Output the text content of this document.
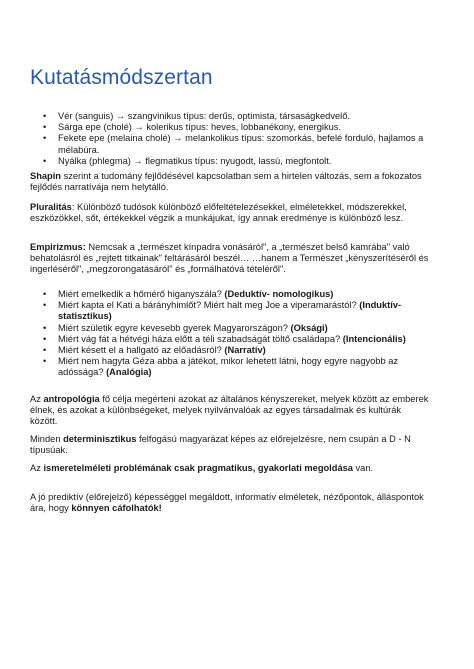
Kutatásmódszertan
• Vér (sanguis) → szangvinikus típus: derűs, optimista, társaságkedvelő.
• Sárga epe (cholé) → kolerikus típus: heves, lobbanékony, energikus.
• Fekete epe (melaina cholé) → melankolikus típus: szomorkás, befelé forduló, hajlamos a mélabúra.
• Nyálka (phlegma) → flegmatikus típus: nyugodt, lassú, megfontolt.

Shapin szerint a tudomány fejlődésével kapcsolatban sem a hirtelen változás, sem a fokozatos fejlődés narratívája nem helytálló.

Pluralitás: Különböző tudósok különböző előfeltételezésekkel, elméletekkel, módszerekkel, eszközökkel, sőt, értékekkel végzik a munkájukat, így annak eredménye is különböző lesz.

Empirizmus: Nemcsak a „természet kínpadra vonásáról", a „természet belső kamrába" való behatolásról és „rejtett titkainak" feltárásáról beszél… …hanem a Természet „kényszerítéséről és ingerléséről", „megzorongatásáról" és „formálhatóvá tételéről".

• Miért emelkedik a hőmérő higanyszála? (Deduktív- nomologikus)
• Miért kapta el Kati a bárányhimlőt? Miért halt meg Joe a viperamarástól? (Induktív-statisztikus)
• Miért születik egyre kevesebb gyerek Magyarországon? (Oksági)
• Miért vág fát a hétvégi háza előtt a téli szabadságát töltő családapa? (Intencionális)
• Miért késett el a hallgató az előadásról? (Narratív)
• Miért nem hagyta Géza abba a játékot, mikor lehetett látni, hogy egyre nagyobb az adóssága? (Analógia)

Az antropológia fő célja megérteni azokat az általános kényszereket, melyek között az emberek élnek, és azokat a különbségeket, melyek nyilvánvalóak az egyes társadalmak és kultúrák között.

Minden determinisztikus felfogású magyarázat képes az előrejelzésre, nem csupán a D - N típusúak.

Az ismeretelméleti problémának csak pragmatikus, gyakorlati megoldása van.

A jó prediktív (előrejelző) képességgel megáldott, informatív elméletek, nézőpontok, álláspontok ára, hogy könnyen cáfolhatók!
